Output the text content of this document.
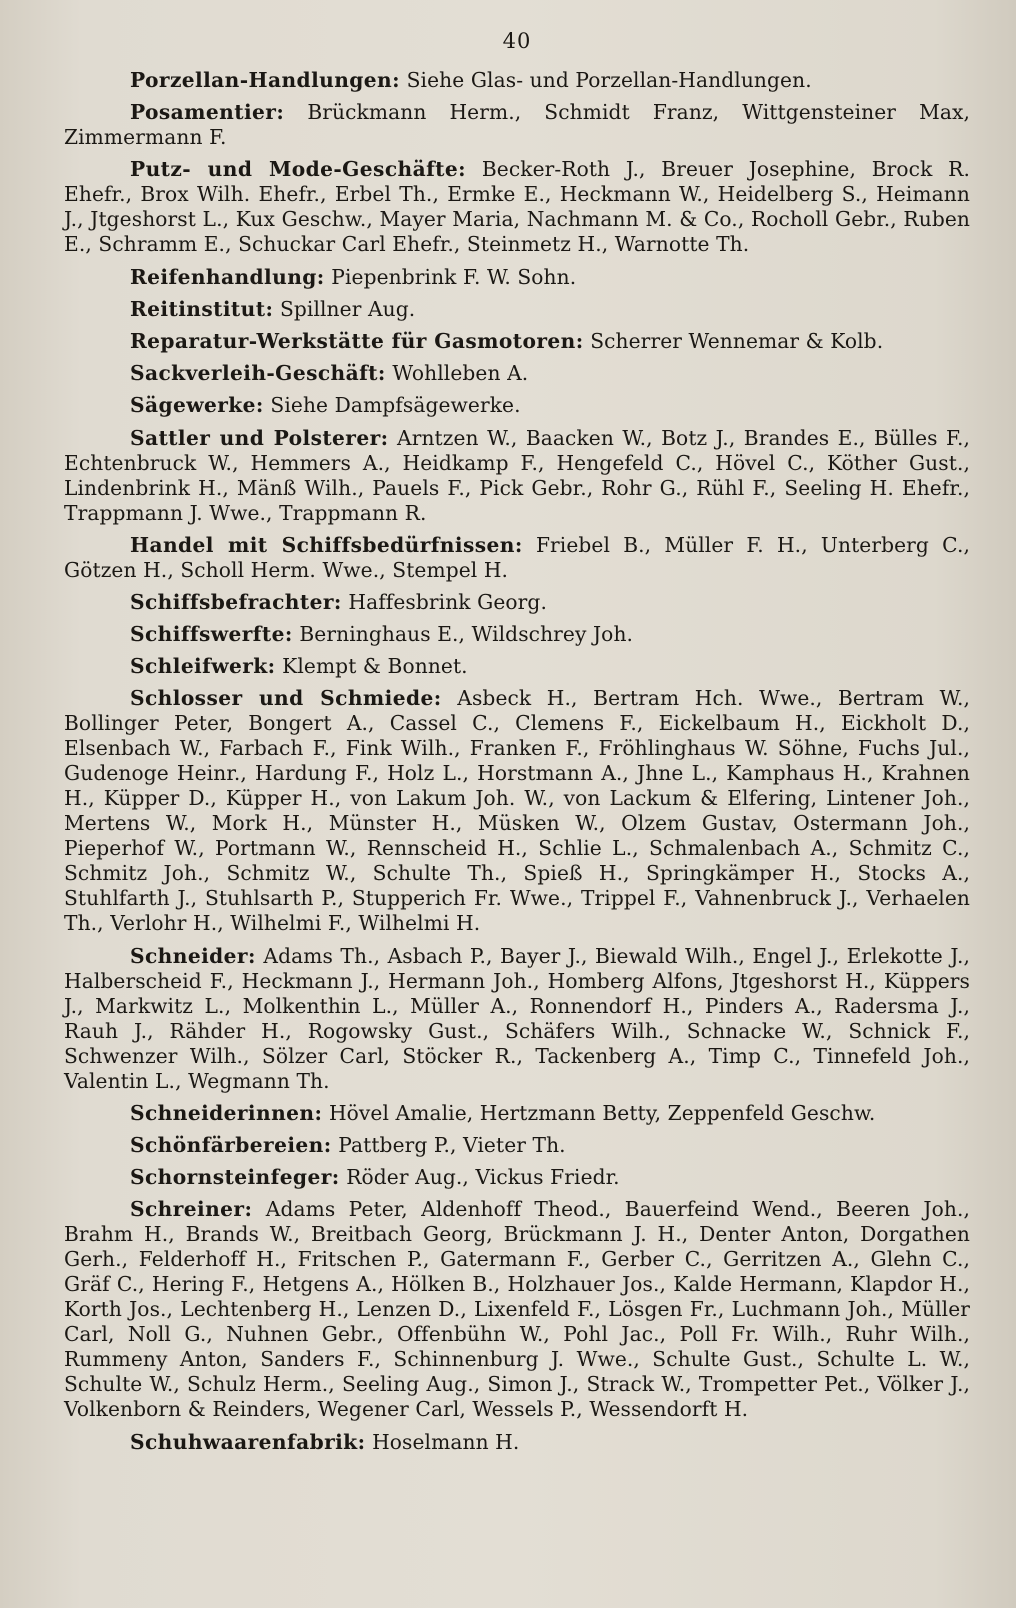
40

Porzellan-Handlungen: Siehe Glas- und Porzellan-Handlungen.

Posamentier: Brückmann Herm., Schmidt Franz, Wittgensteiner Max, Zimmermann F.

Putz- und Mode-Geschäfte: Becker-Roth J., Breuer Josephine, Brock R. Ehefr., Brox Wilh. Ehefr., Erbel Th., Ermke E., Heckmann W., Heidelberg S., Heimann J., Jtgeshorst L., Kux Geschw., Mayer Maria, Nachmann M. & Co., Rocholl Gebr., Ruben E., Schramm E., Schuckar Carl Ehefr., Steinmetz H., Warnotte Th.

Reifenhandlung: Piepenbrink F. W. Sohn.

Reitinstitut: Spillner Aug.

Reparatur-Werkstätte für Gasmotoren: Scherrer Wennemar & Kolb.

Sackverleih-Geschäft: Wohlleben A.

Sägewerke: Siehe Dampfsägewerke.

Sattler und Polsterer: Arntzen W., Baacken W., Botz J., Brandes E., Bülles F., Echtenbruck W., Hemmers A., Heidkamp F., Hengefeld C., Hövel C., Köther Gust., Lindenbrink H., Mänß Wilh., Pauels F., Pick Gebr., Rohr G., Rühl F., Seeling H. Ehefr., Trappmann J. Wwe., Trappmann R.

Handel mit Schiffsbedürfnissen: Friebel B., Müller F. H., Unterberg C., Götzen H., Scholl Herm. Wwe., Stempel H.

Schiffsbefrachter: Haffesbrink Georg.

Schiffswerfte: Berninghaus E., Wildschrey Joh.

Schleifwerk: Klempt & Bonnet.

Schlosser und Schmiede: Asbeck H., Bertram Hch. Wwe., Bertram W., Bollinger Peter, Bongert A., Cassel C., Clemens F., Eickelbaum H., Eickholt D., Elsenbach W., Farbach F., Fink Wilh., Franken F., Fröhlinghaus W. Söhne, Fuchs Jul., Gudenoge Heinr., Hardung F., Holz L., Horstmann A., Jhne L., Kamphaus H., Krahnen H., Küpper D., Küpper H., von Lakum Joh. W., von Lackum & Elfering, Lintener Joh., Mertens W., Mork H., Münster H., Müsken W., Olzem Gustav, Ostermann Joh., Pieperhof W., Portmann W., Rennscheid H., Schlie L., Schmalenbach A., Schmitz C., Schmitz Joh., Schmitz W., Schulte Th., Spieß H., Springkämper H., Stocks A., Stuhlfarth J., Stuhlsarth P., Stupperich Fr. Wwe., Trippel F., Vahnenbruck J., Verhaelen Th., Verlohr H., Wilhelmi F., Wilhelmi H.

Schneider: Adams Th., Asbach P., Bayer J., Biewald Wilh., Engel J., Erlekotte J., Halberscheid F., Heckmann J., Hermann Joh., Homberg Alfons, Jtgeshorst H., Küppers J., Markwitz L., Molkenthin L., Müller A., Ronnendorf H., Pinders A., Radersma J., Rauh J., Rähder H., Rogowsky Gust., Schäfers Wilh., Schnacke W., Schnick F., Schwenzer Wilh., Sölzer Carl, Stöcker R., Tackenberg A., Timp C., Tinnefeld Joh., Valentin L., Wegmann Th.

Schneiderinnen: Hövel Amalie, Hertzmann Betty, Zeppenfeld Geschw.

Schönfärbereien: Pattberg P., Vieter Th.

Schornsteinfeger: Röder Aug., Vickus Friedr.

Schreiner: Adams Peter, Aldenhoff Theod., Bauerfeind Wend., Beeren Joh., Brahm H., Brands W., Breitbach Georg, Brückmann J. H., Denter Anton, Dorgathen Gerh., Felderhoff H., Fritschen P., Gatermann F., Gerber C., Gerritzen A., Glehn C., Gräf C., Hering F., Hetgens A., Hölken B., Holzhauer Jos., Kalde Hermann, Klapdor H., Korth Jos., Lechtenberg H., Lenzen D., Lixenfeld F., Lösgen Fr., Luchmann Joh., Müller Carl, Noll G., Nuhnen Gebr., Offenbühn W., Pohl Jac., Poll Fr. Wilh., Ruhr Wilh., Rummeny Anton, Sanders F., Schinnenburg J. Wwe., Schulte Gust., Schulte L. W., Schulte W., Schulz Herm., Seeling Aug., Simon J., Strack W., Trompetter Pet., Völker J., Volkenborn & Reinders, Wegener Carl, Wessels P., Wessendorft H.

Schuhwaarenfabrik: Hoselmann H.
